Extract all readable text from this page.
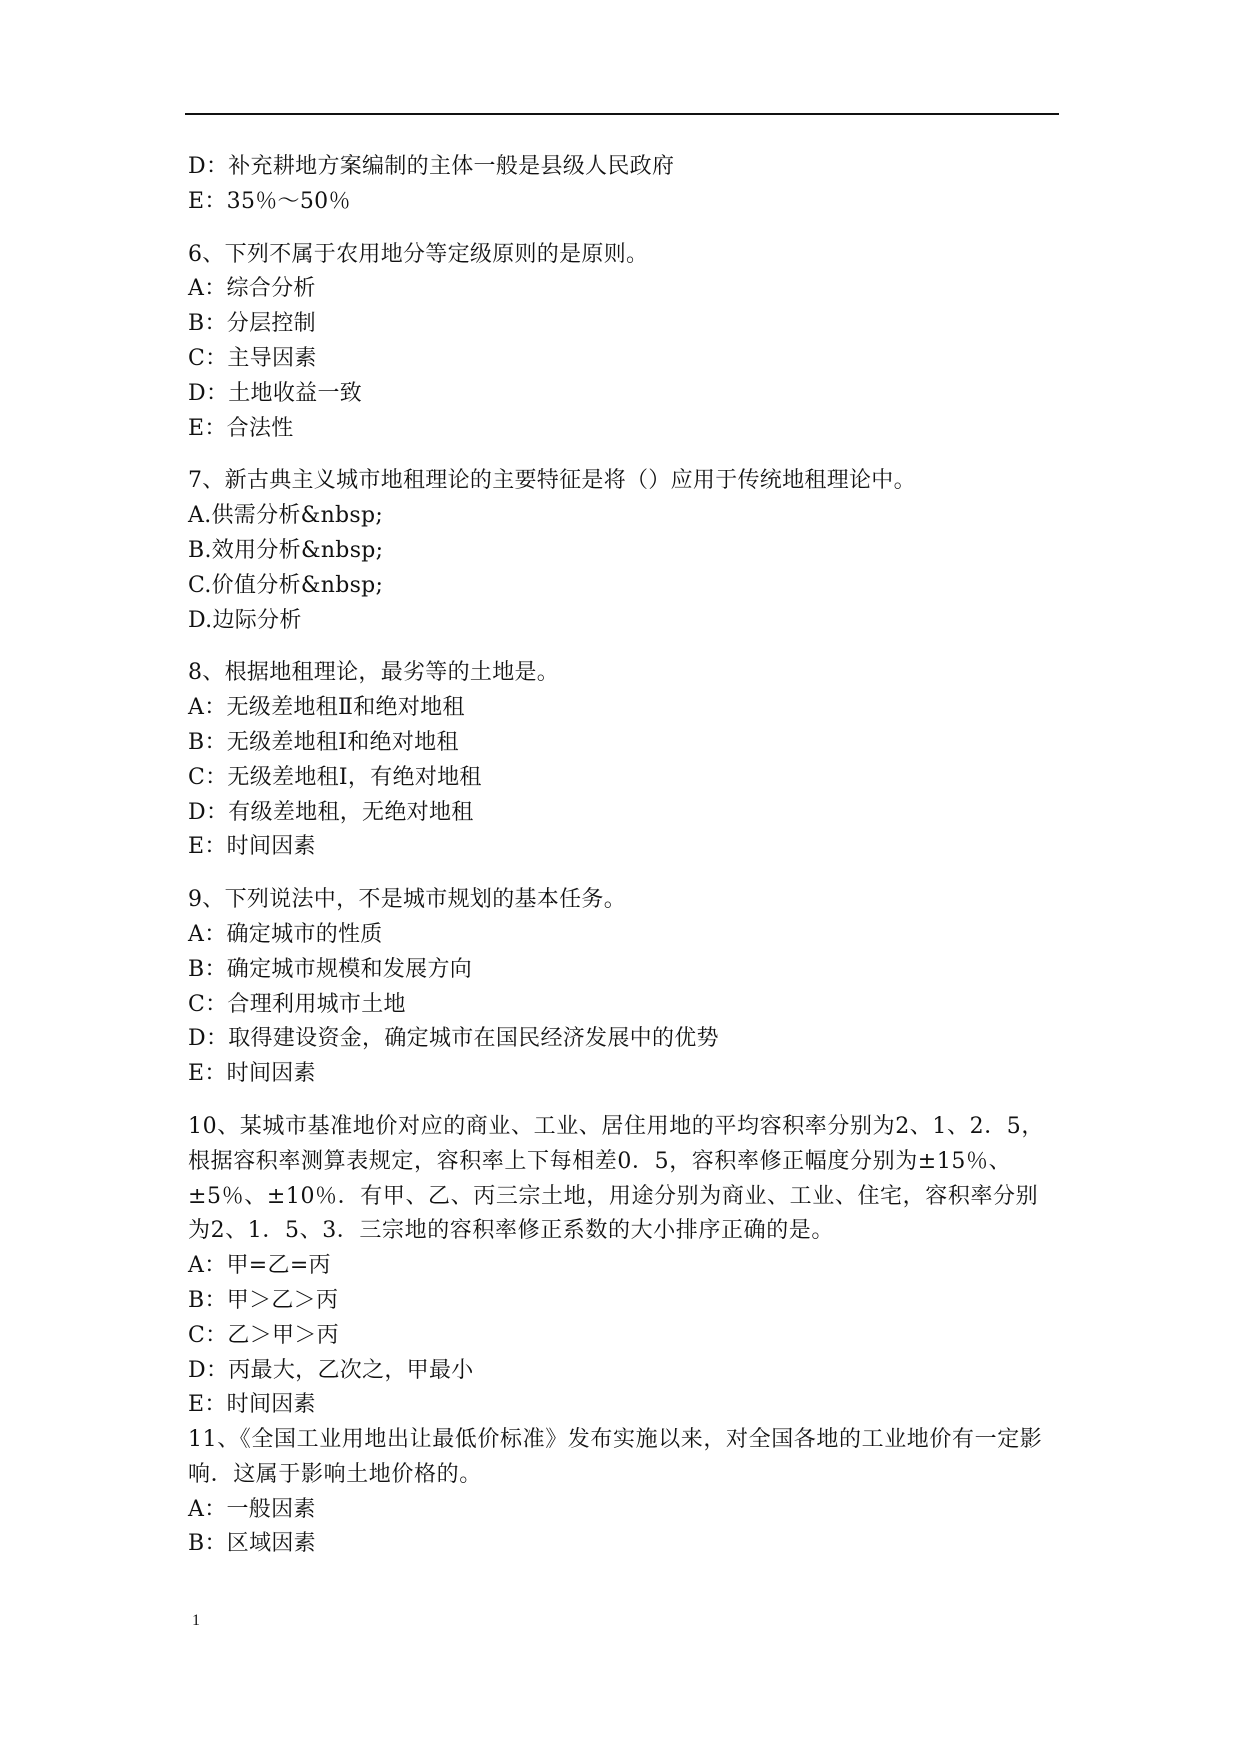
D：补充耕地方案编制的主体一般是县级人民政府
E：35％～50％
6、下列不属于农用地分等定级原则的是原则。
A：综合分析
B：分层控制
C：主导因素
D：土地收益一致
E：合法性
7、新古典主义城市地租理论的主要特征是将（）应用于传统地租理论中。
A.供需分析&nbsp;
B.效用分析&nbsp;
C.价值分析&nbsp;
D.边际分析
8、根据地租理论，最劣等的土地是。
A：无级差地租Ⅱ和绝对地租
B：无级差地租Ⅰ和绝对地租
C：无级差地租Ⅰ，有绝对地租
D：有级差地租，无绝对地租
E：时间因素
9、下列说法中，不是城市规划的基本任务。
A：确定城市的性质
B：确定城市规模和发展方向
C：合理利用城市土地
D：取得建设资金，确定城市在国民经济发展中的优势
E：时间因素
10、某城市基准地价对应的商业、工业、居住用地的平均容积率分别为2、1、2．5，根据容积率测算表规定，容积率上下每相差0．5，容积率修正幅度分别为±15％、±5％、±10％．有甲、乙、丙三宗土地，用途分别为商业、工业、住宅，容积率分别为2、1．5、3．三宗地的容积率修正系数的大小排序正确的是。
A：甲=乙=丙
B：甲＞乙＞丙
C：乙＞甲＞丙
D：丙最大，乙次之，甲最小
E：时间因素
11、《全国工业用地出让最低价标准》发布实施以来，对全国各地的工业地价有一定影响．这属于影响土地价格的。
A：一般因素
B：区域因素
1
